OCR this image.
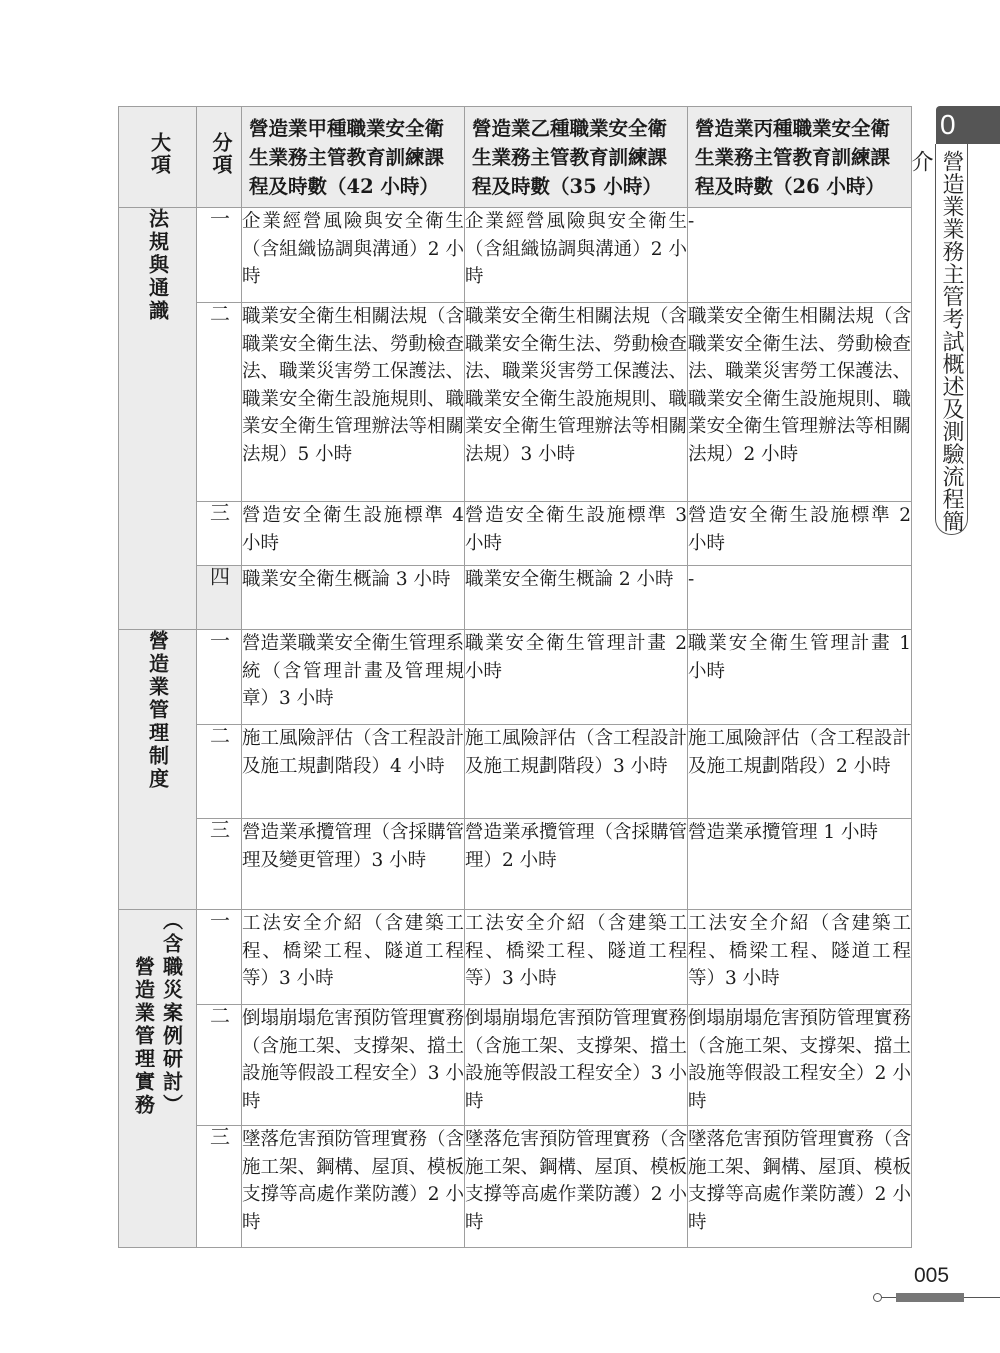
大項	分項	營造業甲種職業安全衛生業務主管教育訓練課程及時數（42 小時）	營造業乙種職業安全衛生業務主管教育訓練課程及時數（35 小時）	營造業丙種職業安全衛生業務主管教育訓練課程及時數（26 小時）
法規與通識	一	企業經營風險與安全衛生（含組織協調與溝通）2 小時	企業經營風險與安全衛生（含組織協調與溝通）2 小時	-
	二	職業安全衛生相關法規（含職業安全衛生法、勞動檢查法、職業災害勞工保護法、職業安全衛生設施規則、職業安全衛生管理辦法等相關法規）5 小時	職業安全衛生相關法規（含職業安全衛生法、勞動檢查法、職業災害勞工保護法、職業安全衛生設施規則、職業安全衛生管理辦法等相關法規）3 小時	職業安全衛生相關法規（含職業安全衛生法、勞動檢查法、職業災害勞工保護法、職業安全衛生設施規則、職業安全衛生管理辦法等相關法規）2 小時
	三	營造安全衛生設施標準 4 小時	營造安全衛生設施標準 3 小時	營造安全衛生設施標準 2 小時
	四	職業安全衛生概論 3 小時	職業安全衛生概論 2 小時	-
營造業管理制度	一	營造業職業安全衛生管理系統（含管理計畫及管理規章）3 小時	職業安全衛生管理計畫 2 小時	職業安全衛生管理計畫 1 小時
	二	施工風險評估（含工程設計及施工規劃階段）4 小時	施工風險評估（含工程設計及施工規劃階段）3 小時	施工風險評估（含工程設計及施工規劃階段）2 小時
	三	營造業承攬管理（含採購管理及變更管理）3 小時	營造業承攬管理（含採購管理）2 小時	營造業承攬管理 1 小時
營造業管理實務 （含職災案例研討）	一	工法安全介紹（含建築工程、橋梁工程、隧道工程等）3 小時	工法安全介紹（含建築工程、橋梁工程、隧道工程等）3 小時	工法安全介紹（含建築工程、橋梁工程、隧道工程等）3 小時
	二	倒塌崩塌危害預防管理實務（含施工架、支撐架、擋土設施等假設工程安全）3 小時	倒塌崩塌危害預防管理實務（含施工架、支撐架、擋土設施等假設工程安全）3 小時	倒塌崩塌危害預防管理實務（含施工架、支撐架、擋土設施等假設工程安全）2 小時
	三	墜落危害預防管理實務（含施工架、鋼構、屋頂、模板支撐等高處作業防護）2 小時	墜落危害預防管理實務（含施工架、鋼構、屋頂、模板支撐等高處作業防護）2 小時	墜落危害預防管理實務（含施工架、鋼構、屋頂、模板支撐等高處作業防護）2 小時
0
營造業業務主管考試概述及測驗流程簡介
005
